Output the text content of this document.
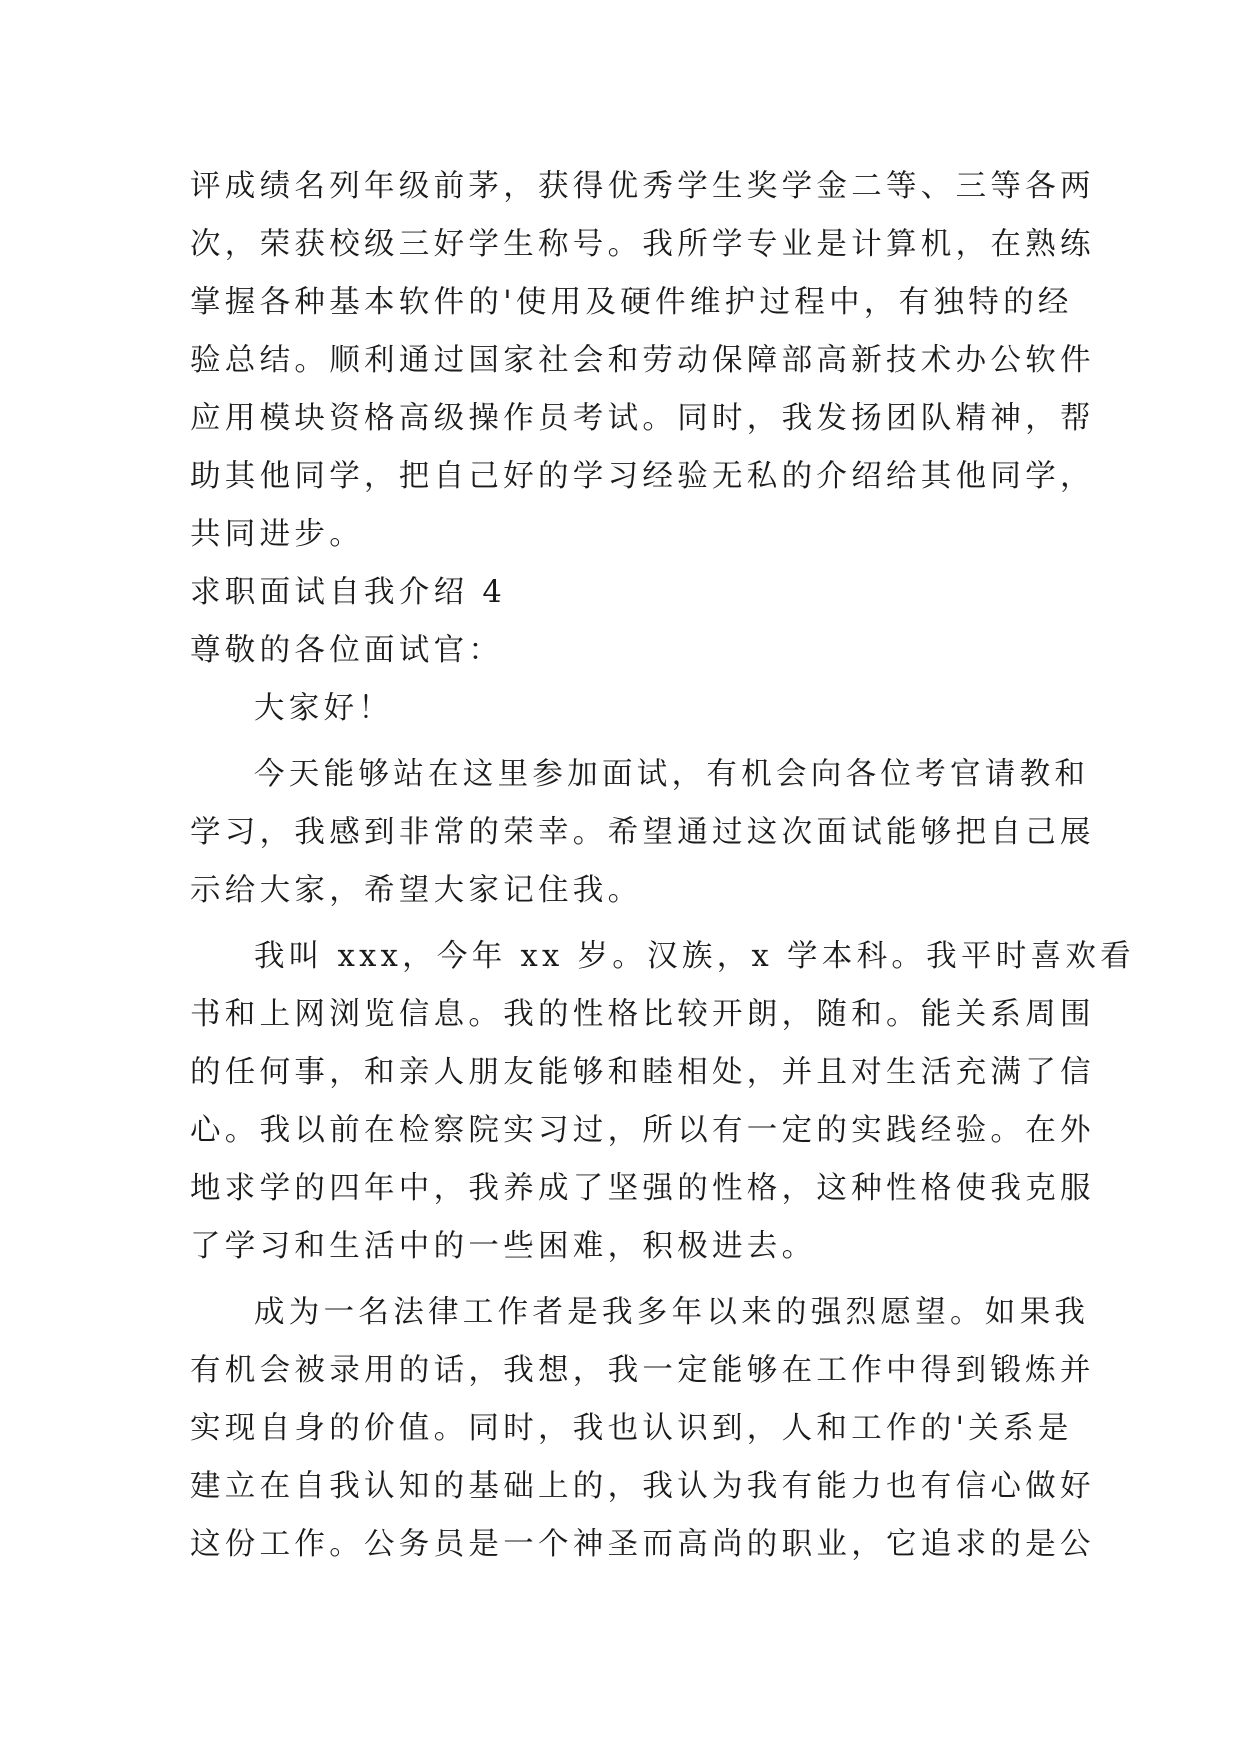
评成绩名列年级前茅，获得优秀学生奖学金二等、三等各两
次，荣获校级三好学生称号。我所学专业是计算机，在熟练
掌握各种基本软件的'使用及硬件维护过程中，有独特的经
验总结。顺利通过国家社会和劳动保障部高新技术办公软件
应用模块资格高级操作员考试。同时，我发扬团队精神，帮
助其他同学，把自己好的学习经验无私的介绍给其他同学，
共同进步。
求职面试自我介绍 4
尊敬的各位面试官：
大家好！
今天能够站在这里参加面试，有机会向各位考官请教和
学习，我感到非常的荣幸。希望通过这次面试能够把自己展
示给大家，希望大家记住我。
我叫 xxx，今年 xx 岁。汉族，x 学本科。我平时喜欢看
书和上网浏览信息。我的性格比较开朗，随和。能关系周围
的任何事，和亲人朋友能够和睦相处，并且对生活充满了信
心。我以前在检察院实习过，所以有一定的实践经验。在外
地求学的四年中，我养成了坚强的性格，这种性格使我克服
了学习和生活中的一些困难，积极进去。
成为一名法律工作者是我多年以来的强烈愿望。如果我
有机会被录用的话，我想，我一定能够在工作中得到锻炼并
实现自身的价值。同时，我也认识到，人和工作的'关系是
建立在自我认知的基础上的，我认为我有能力也有信心做好
这份工作。公务员是一个神圣而高尚的职业，它追求的是公
